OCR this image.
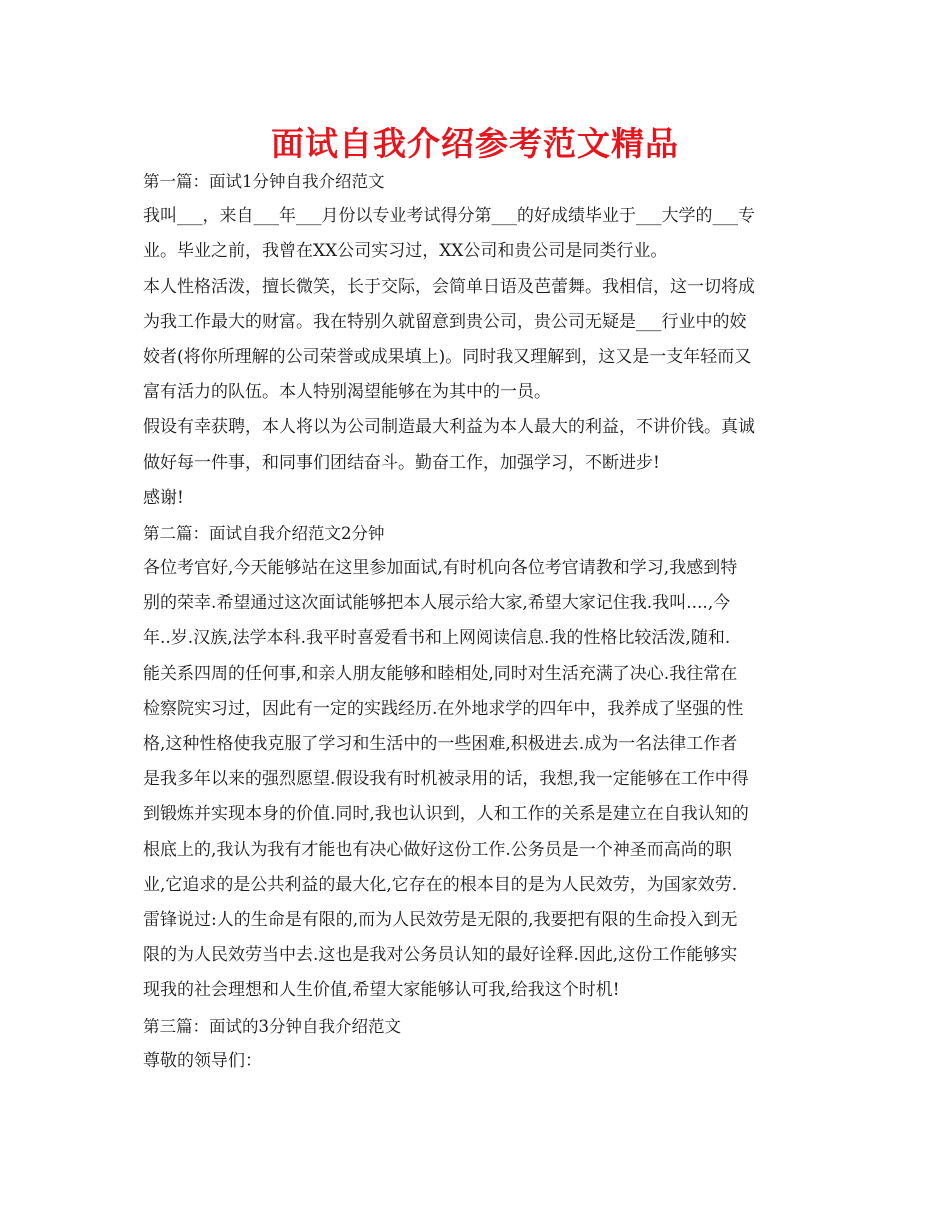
面试自我介绍参考范文精品

第一篇：面试1分钟自我介绍范文

我叫___，来自___年___月份以专业考试得分第___的好成绩毕业于___大学的___专

业。毕业之前，我曾在XX公司实习过，XX公司和贵公司是同类行业。

本人性格活泼，擅长微笑，长于交际，会简单日语及芭蕾舞。我相信，这一切将成

为我工作最大的财富。我在特别久就留意到贵公司，贵公司无疑是___行业中的姣

姣者(将你所理解的公司荣誉或成果填上)。同时我又理解到，这又是一支年轻而又

富有活力的队伍。本人特别渴望能够在为其中的一员。

假设有幸获聘，本人将以为公司制造最大利益为本人最大的利益，不讲价钱。真诚

做好每一件事，和同事们团结奋斗。勤奋工作，加强学习，不断进步!

感谢!

第二篇：面试自我介绍范文2分钟

各位考官好,今天能够站在这里参加面试,有时机向各位考官请教和学习,我感到特

别的荣幸.希望通过这次面试能够把本人展示给大家,希望大家记住我.我叫....,今

年..岁.汉族,法学本科.我平时喜爱看书和上网阅读信息.我的性格比较活泼,随和.

能关系四周的任何事,和亲人朋友能够和睦相处,同时对生活充满了决心.我往常在

检察院实习过，因此有一定的实践经历.在外地求学的四年中，我养成了坚强的性

格,这种性格使我克服了学习和生活中的一些困难,积极进去.成为一名法律工作者

是我多年以来的强烈愿望.假设我有时机被录用的话，我想,我一定能够在工作中得

到锻炼并实现本身的价值.同时,我也认识到，人和工作的关系是建立在自我认知的

根底上的,我认为我有才能也有决心做好这份工作.公务员是一个神圣而高尚的职

业,它追求的是公共利益的最大化,它存在的根本目的是为人民效劳，为国家效劳.

雷锋说过:人的生命是有限的,而为人民效劳是无限的,我要把有限的生命投入到无

限的为人民效劳当中去.这也是我对公务员认知的最好诠释.因此,这份工作能够实

现我的社会理想和人生价值,希望大家能够认可我,给我这个时机!

第三篇：面试的3分钟自我介绍范文

尊敬的领导们：
